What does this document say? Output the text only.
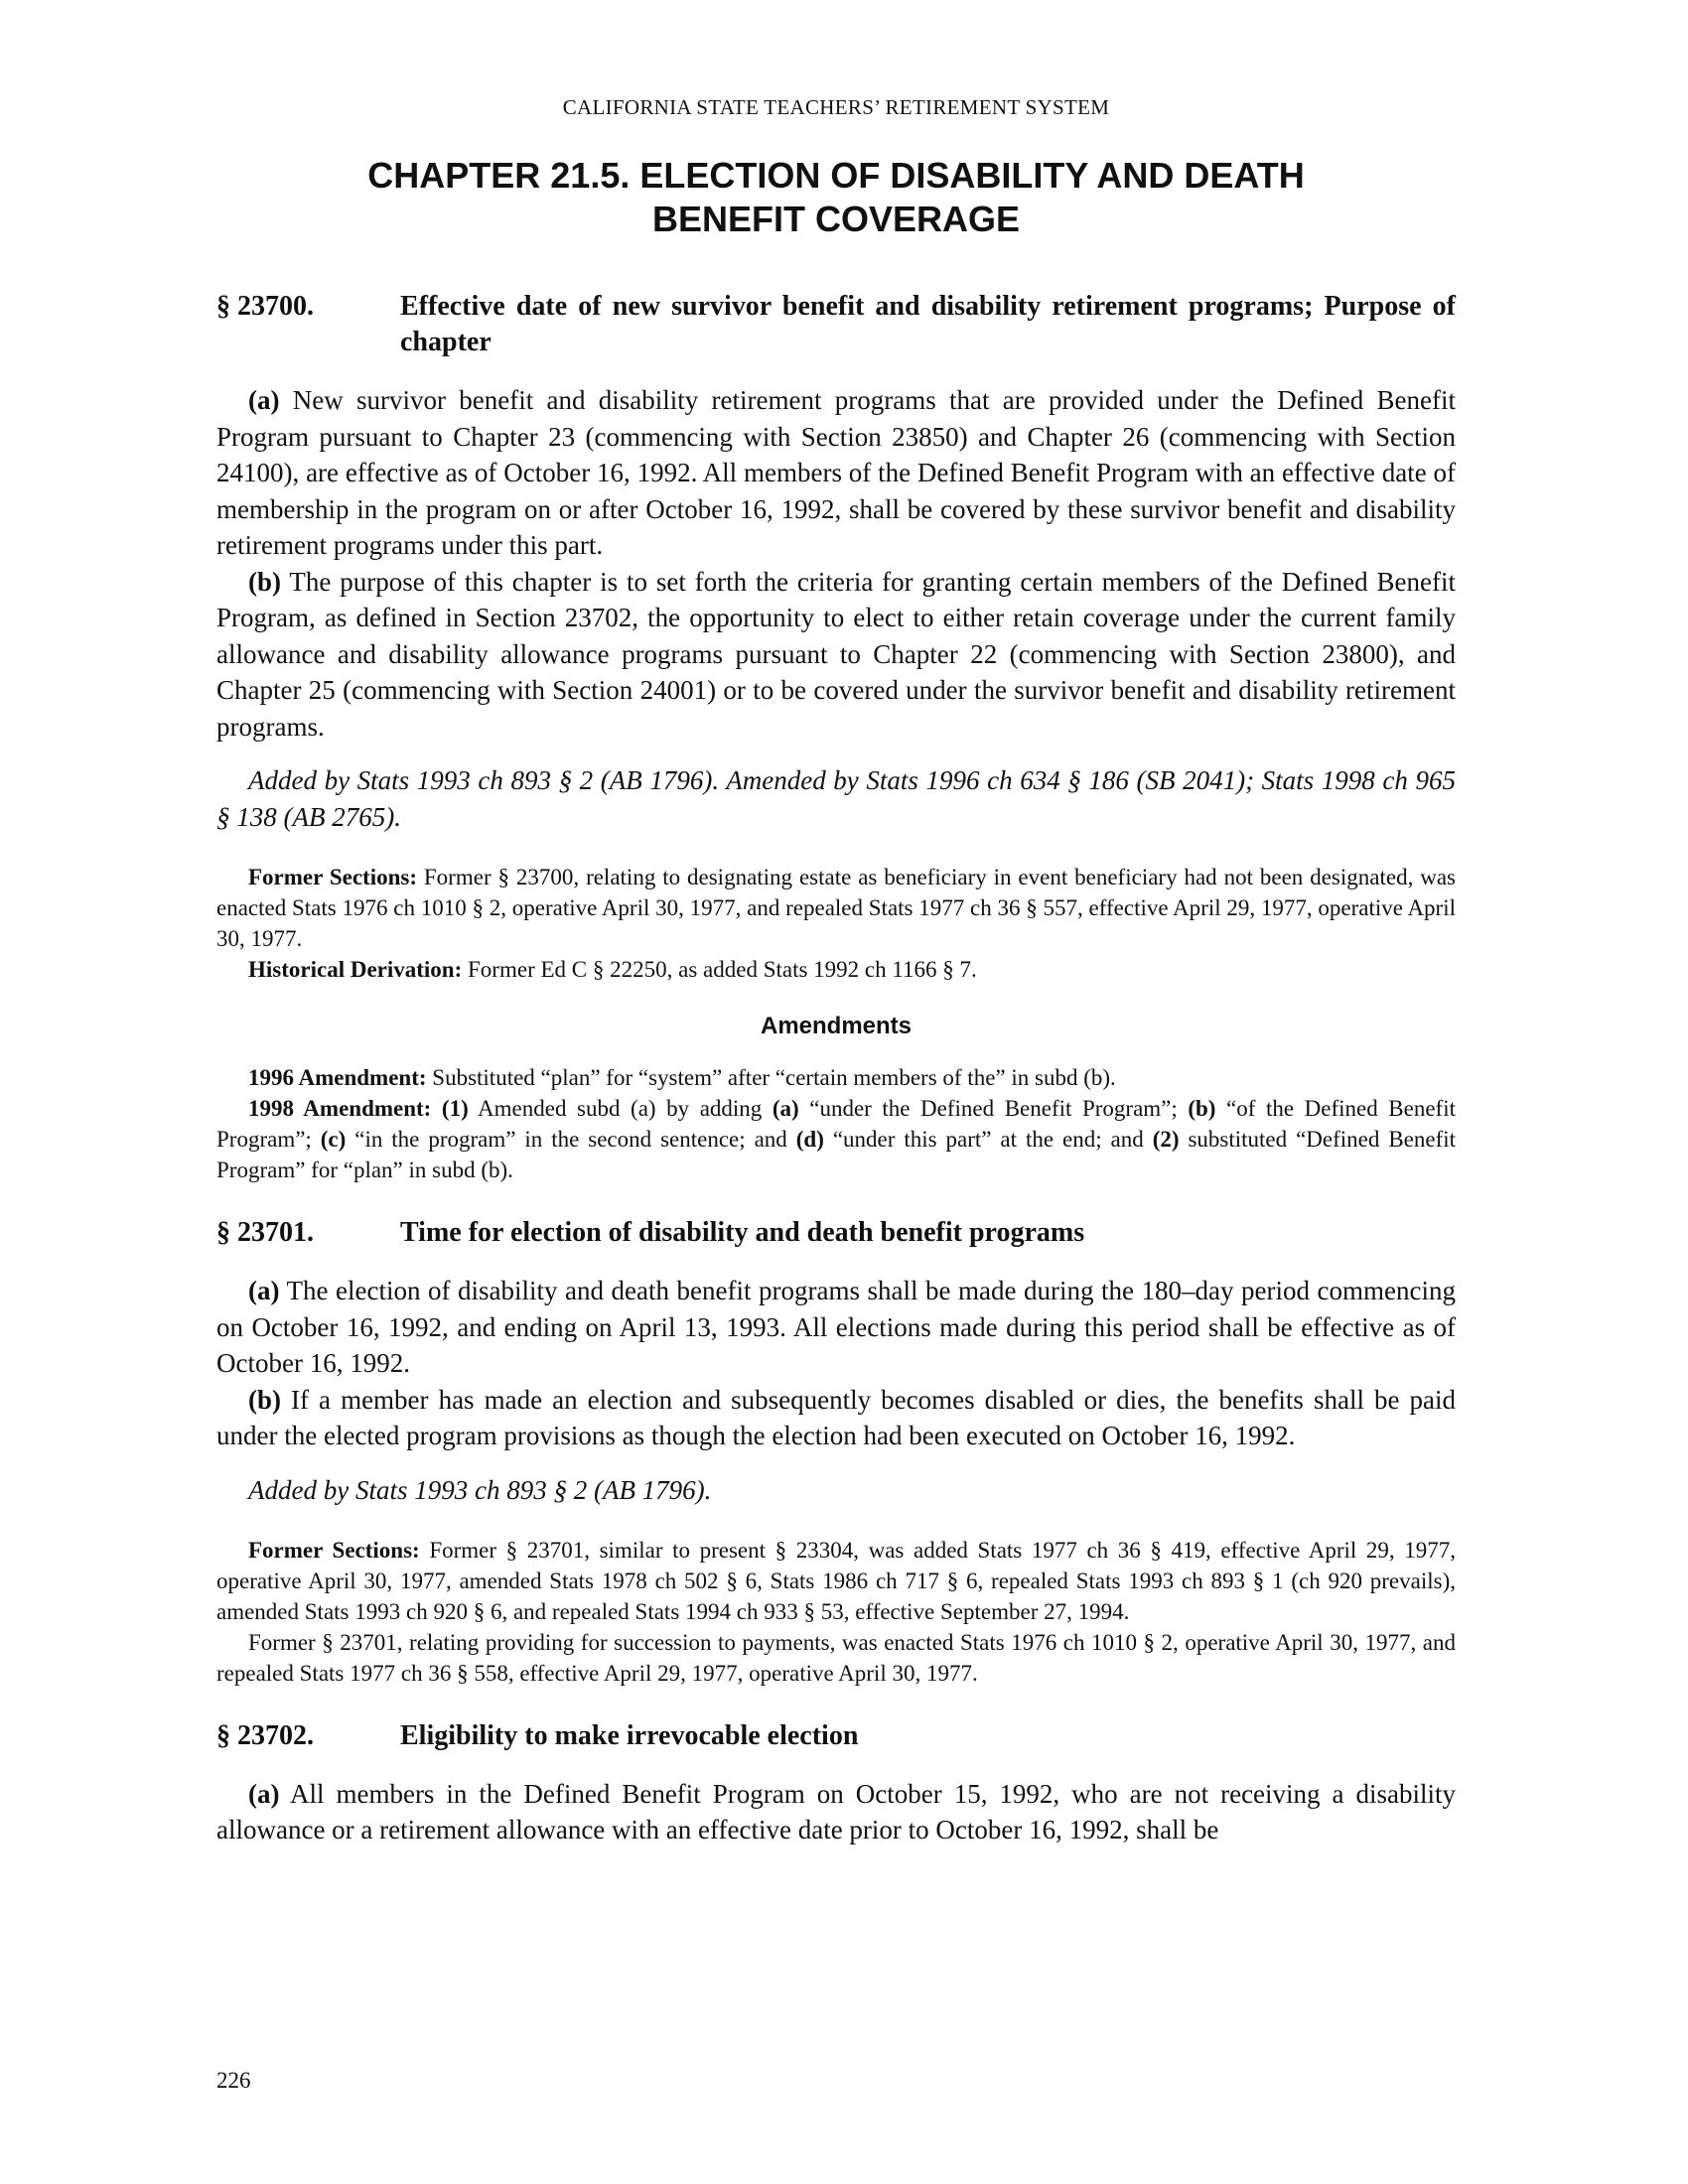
CALIFORNIA STATE TEACHERS’ RETIREMENT SYSTEM
CHAPTER 21.5. ELECTION OF DISABILITY AND DEATH
BENEFIT COVERAGE
§ 23700.	Effective date of new survivor benefit and disability retirement programs; Purpose of chapter

(a) New survivor benefit and disability retirement programs that are provided under the Defined Benefit Program pursuant to Chapter 23 (commencing with Section 23850) and Chapter 26 (commencing with Section 24100), are effective as of October 16, 1992. All members of the Defined Benefit Program with an effective date of membership in the program on or after October 16, 1992, shall be covered by these survivor benefit and disability retirement programs under this part.

(b) The purpose of this chapter is to set forth the criteria for granting certain members of the Defined Benefit Program, as defined in Section 23702, the opportunity to elect to either retain coverage under the current family allowance and disability allowance programs pursuant to Chapter 22 (commencing with Section 23800), and Chapter 25 (commencing with Section 24001) or to be covered under the survivor benefit and disability retirement programs.

Added by Stats 1993 ch 893 § 2 (AB 1796). Amended by Stats 1996 ch 634 § 186 (SB 2041); Stats 1998 ch 965 § 138 (AB 2765).

Former Sections: Former § 23700, relating to designating estate as beneficiary in event beneficiary had not been designated, was enacted Stats 1976 ch 1010 § 2, operative April 30, 1977, and repealed Stats 1977 ch 36 § 557, effective April 29, 1977, operative April 30, 1977.

Historical Derivation: Former Ed C § 22250, as added Stats 1992 ch 1166 § 7.

Amendments

1996 Amendment: Substituted “plan” for “system” after “certain members of the” in subd (b).

1998 Amendment: (1) Amended subd (a) by adding (a) “under the Defined Benefit Program”; (b) “of the Defined Benefit Program”; (c) “in the program” in the second sentence; and (d) “under this part” at the end; and (2) substituted “Defined Benefit Program” for “plan” in subd (b).

§ 23701.	Time for election of disability and death benefit programs

(a) The election of disability and death benefit programs shall be made during the 180–day period commencing on October 16, 1992, and ending on April 13, 1993. All elections made during this period shall be effective as of October 16, 1992.

(b) If a member has made an election and subsequently becomes disabled or dies, the benefits shall be paid under the elected program provisions as though the election had been executed on October 16, 1992.

Added by Stats 1993 ch 893 § 2 (AB 1796).

Former Sections: Former § 23701, similar to present § 23304, was added Stats 1977 ch 36 § 419, effective April 29, 1977, operative April 30, 1977, amended Stats 1978 ch 502 § 6, Stats 1986 ch 717 § 6, repealed Stats 1993 ch 893 § 1 (ch 920 prevails), amended Stats 1993 ch 920 § 6, and repealed Stats 1994 ch 933 § 53, effective September 27, 1994.

Former § 23701, relating providing for succession to payments, was enacted Stats 1976 ch 1010 § 2, operative April 30, 1977, and repealed Stats 1977 ch 36 § 558, effective April 29, 1977, operative April 30, 1977.

§ 23702.	Eligibility to make irrevocable election

(a) All members in the Defined Benefit Program on October 15, 1992, who are not receiving a disability allowance or a retirement allowance with an effective date prior to October 16, 1992, shall be

226
